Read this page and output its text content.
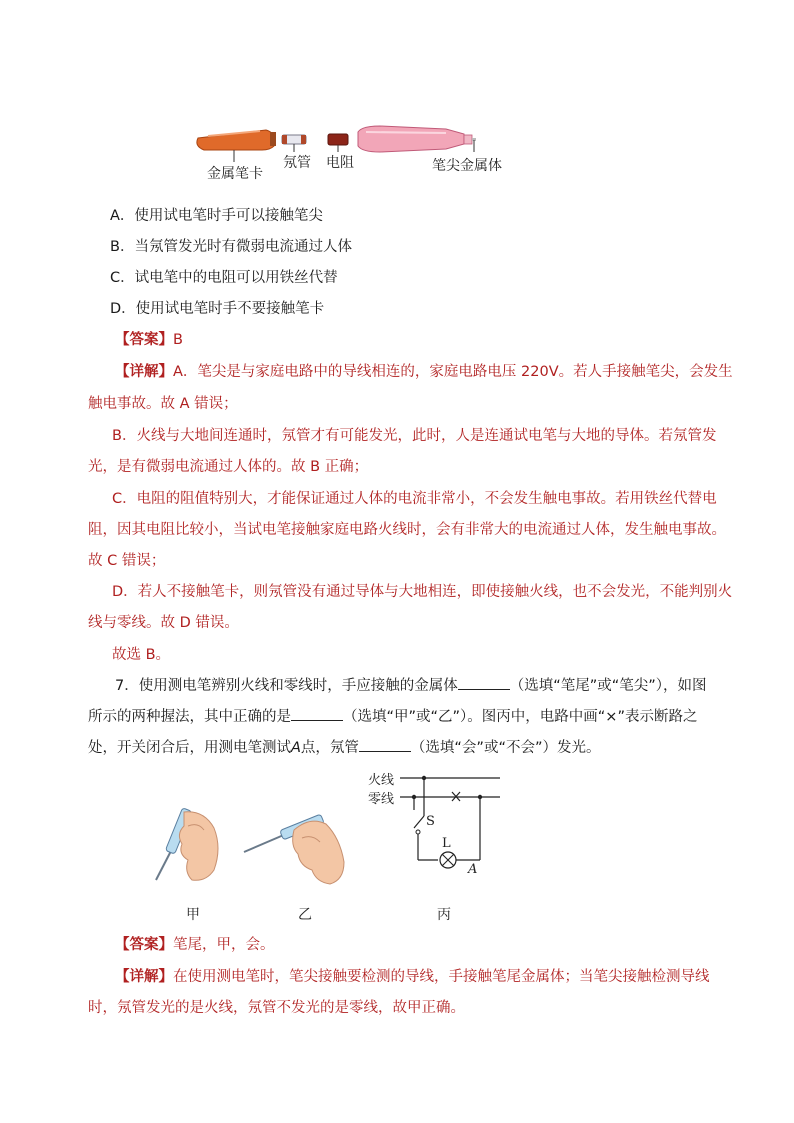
金属笔卡
氖管 电阻	笔尖金属体
A．使用试电笔时手可以接触笔尖
B．当氖管发光时有微弱电流通过人体
C．试电笔中的电阻可以用铁丝代替
D．使用试电笔时手不要接触笔卡
【答案】B
【详解】A．笔尖是与家庭电路中的导线相连的，家庭电路电压 220V。若人手接触笔尖，会发生
触电事故。故 A 错误；
B．火线与大地间连通时，氖管才有可能发光，此时，人是连通试电笔与大地的导体。若氖管发
光，是有微弱电流通过人体的。故 B 正确；
C．电阻的阻值特别大，才能保证通过人体的电流非常小，不会发生触电事故。若用铁丝代替电
阻，因其电阻比较小，当试电笔接触家庭电路火线时，会有非常大的电流通过人体，发生触电事故。
故 C 错误；
D．若人不接触笔卡，则氖管没有通过导体与大地相连，即使接触火线，也不会发光，不能判别火
线与零线。故 D 错误。
故选 B。
7．使用测电笔辨别火线和零线时，手应接触的金属体	（选填“笔尾”或“笔尖”），如图
所示的两种握法，其中正确的是	（选填“甲”或“乙”）。图丙中，电路中画“×”表示断路之
处，开关闭合后，用测电笔测试A点，氖管	（选填“会”或“不会”）发光。
火线
零线
S
L
A
甲	乙	丙
【答案】笔尾，甲，会。
【详解】在使用测电笔时，笔尖接触要检测的导线，手接触笔尾金属体；当笔尖接触检测导线
时，氖管发光的是火线，氖管不发光的是零线，故甲正确。
